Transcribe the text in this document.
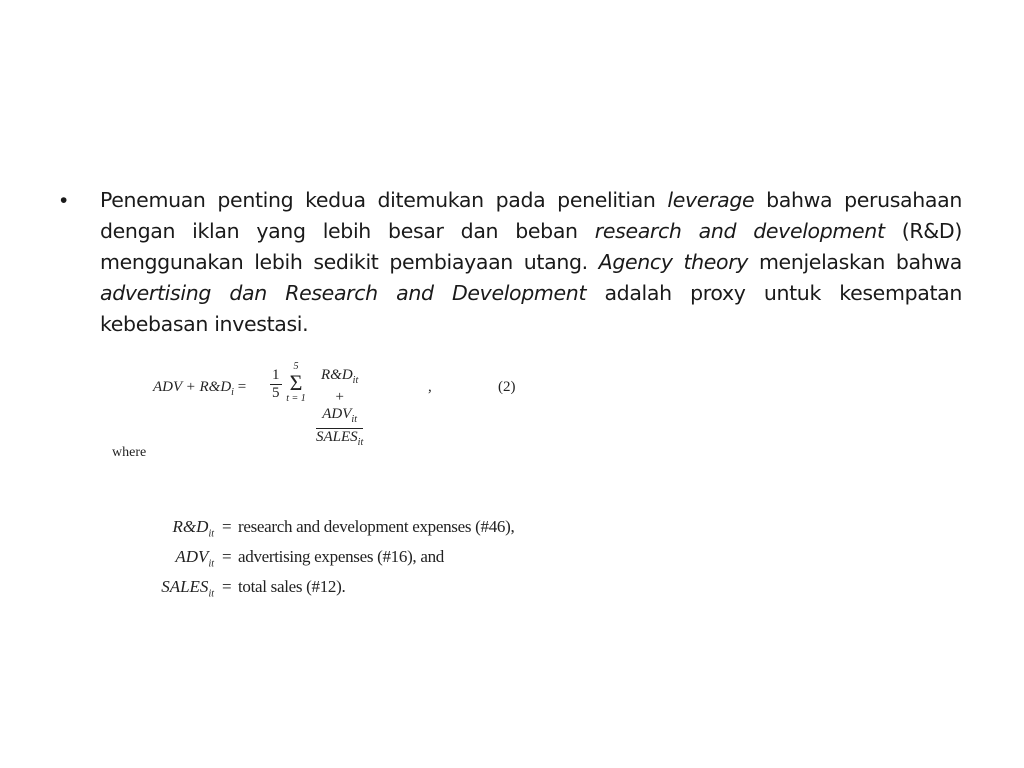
• Penemuan penting kedua ditemukan pada penelitian leverage bahwa perusahaan dengan iklan yang lebih besar dan beban research and development (R&D) menggunakan lebih sedikit pembiayaan utang. Agency theory menjelaskan bahwa advertising dan Research and Development adalah proxy untuk kesempatan kebebasan investasi.
ADV + $R\&D_i = \frac{1}{5}$
5
Σ
t = 1
$R\&D_{it} + ADV_{it}$
$SALES_{it}$
,	(2)
where
$R\&D_{it}$ = research and development expenses (#46),
$ADV_{it}$ = advertising expenses (#16), and
$SALES_{it}$ = total sales (#12).
